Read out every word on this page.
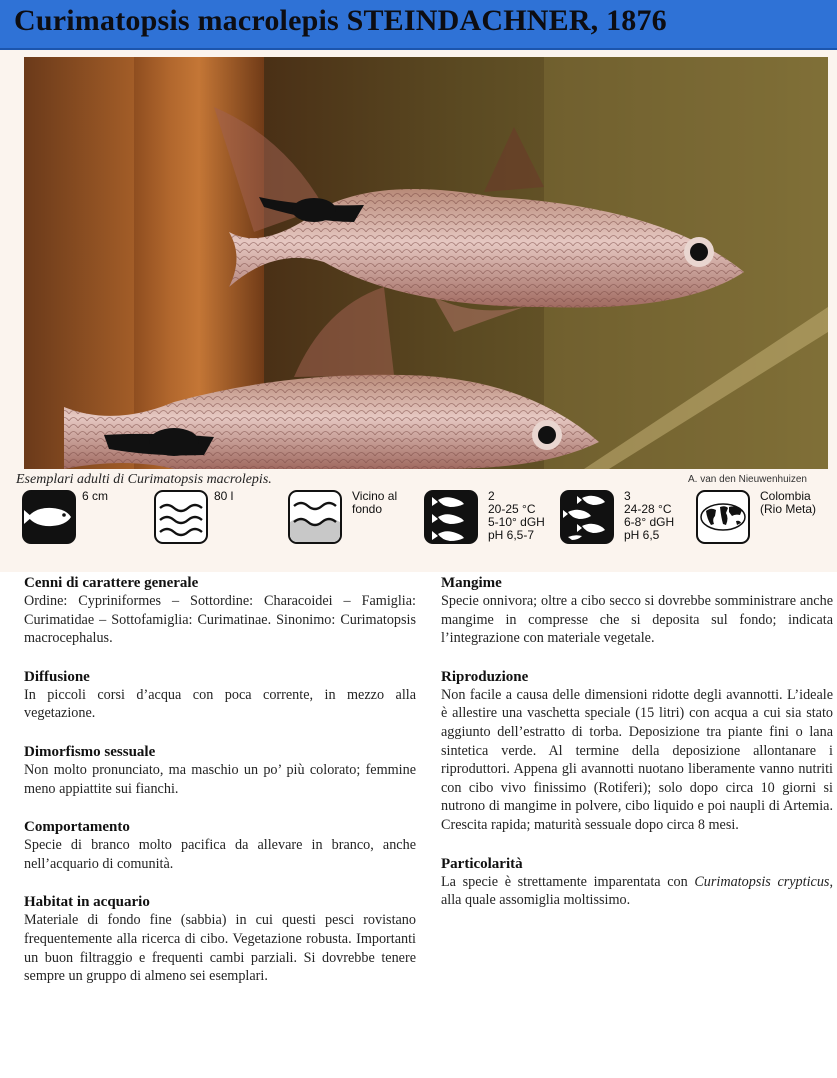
Curimatopsis macrolepis STEINDACHNER, 1876
Esemplari adulti di Curimatopsis macrolepis.	A. van den Nieuwenhuizen
6 cm	80 l	Vicino al
fondo
2
20-25 °C
5-10° dGH
pH 6,5-7
3
24-28 °C
6-8° dGH
pH 6,5
Colombia
(Rio Meta)
Cenni di carattere generale

Ordine: Cypriniformes – Sottordine: Characoidei – Famiglia: Curimatidae – Sottofamiglia: Curimatinae. Sinonimo: Curimatopsis macrocephalus.

Diffusione

In piccoli corsi d’acqua con poca corrente, in mezzo alla vegetazione.

Dimorfismo sessuale

Non molto pronunciato, ma maschio un po’ più colorato; femmine meno appiattite sui fianchi.

Comportamento

Specie di branco molto pacifica da allevare in branco, anche nell’acquario di comunità.

Habitat in acquario

Materiale di fondo fine (sabbia) in cui questi pesci rovistano frequentemente alla ricerca di cibo. Vegetazione robusta. Importanti un buon filtraggio e frequenti cambi parziali. Si dovrebbe tenere sempre un gruppo di almeno sei esemplari.

Mangime

Specie onnivora; oltre a cibo secco si dovrebbe somministrare anche mangime in compresse che si deposita sul fondo; indicata l’integrazione con materiale vegetale.

Riproduzione

Non facile a causa delle dimensioni ridotte degli avannotti. L’ideale è allestire una vaschetta speciale (15 litri) con acqua a cui sia stato aggiunto dell’estratto di torba. Deposizione tra piante fini o lana sintetica verde. Al termine della deposizione allontanare i riproduttori. Appena gli avannotti nuotano liberamente vanno nutriti con cibo vivo finissimo (Rotiferi); solo dopo circa 10 giorni si nutrono di mangime in polvere, cibo liquido e poi naupli di Artemia. Crescita rapida; maturità sessuale dopo circa 8 mesi.

Particolarità

La specie è strettamente imparentata con Curimatopsis crypticus, alla quale assomiglia moltissimo.
